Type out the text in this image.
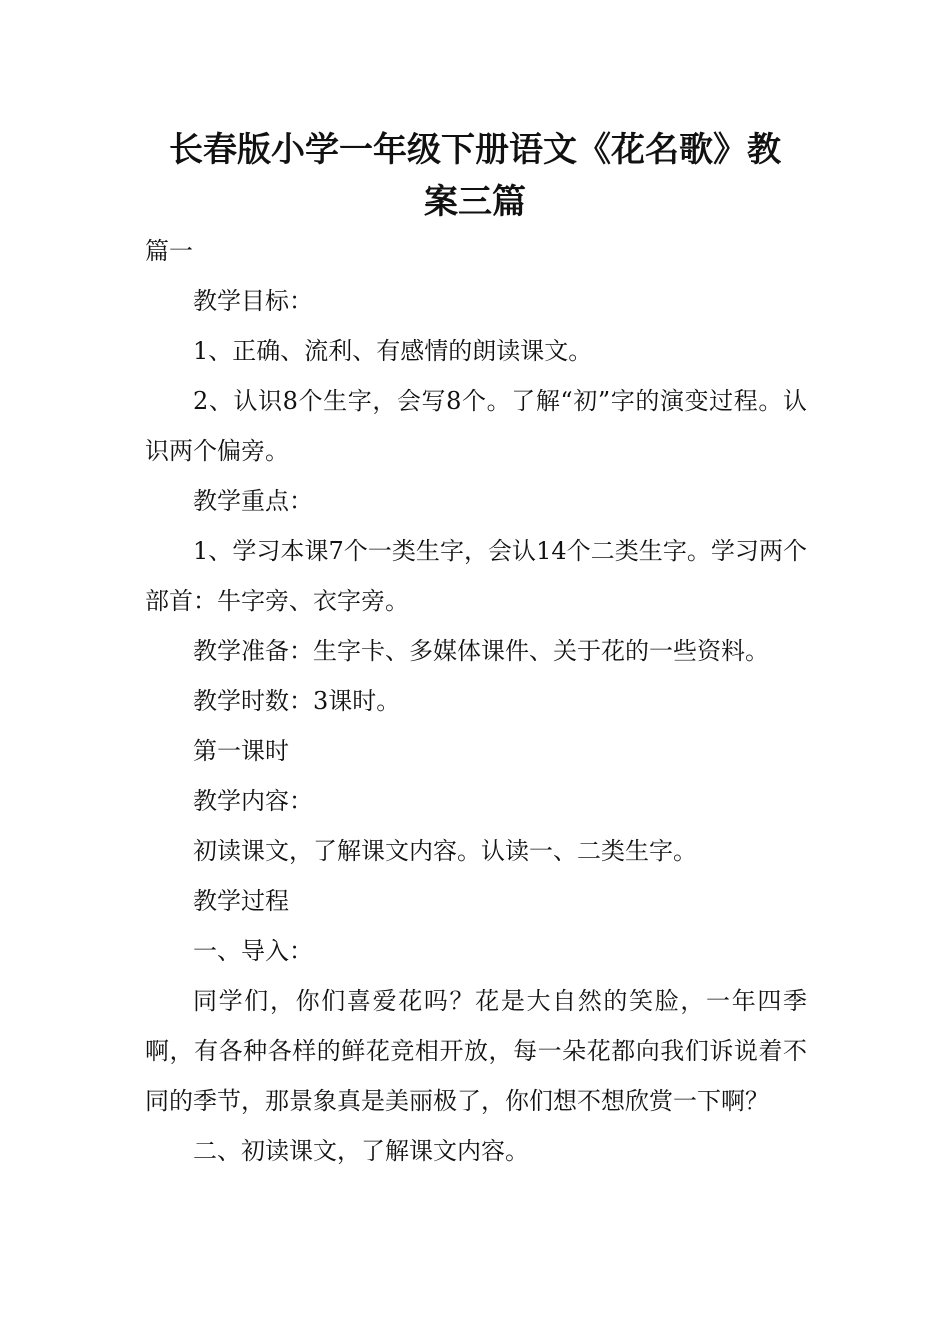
长春版小学一年级下册语文《花名歌》教
案三篇

篇一

教学目标：

1、正确、流利、有感情的朗读课文。

2、认识8个生字，会写8个。了解“初”字的演变过程。认识两个偏旁。

教学重点：

1、学习本课7个一类生字，会认14个二类生字。学习两个部首：牛字旁、衣字旁。

教学准备：生字卡、多媒体课件、关于花的一些资料。

教学时数：3课时。

第一课时

教学内容：

初读课文，了解课文内容。认读一、二类生字。

教学过程

一、导入：

同学们，你们喜爱花吗？花是大自然的笑脸，一年四季啊，有各种各样的鲜花竞相开放，每一朵花都向我们诉说着不同的季节，那景象真是美丽极了，你们想不想欣赏一下啊？

二、初读课文，了解课文内容。
